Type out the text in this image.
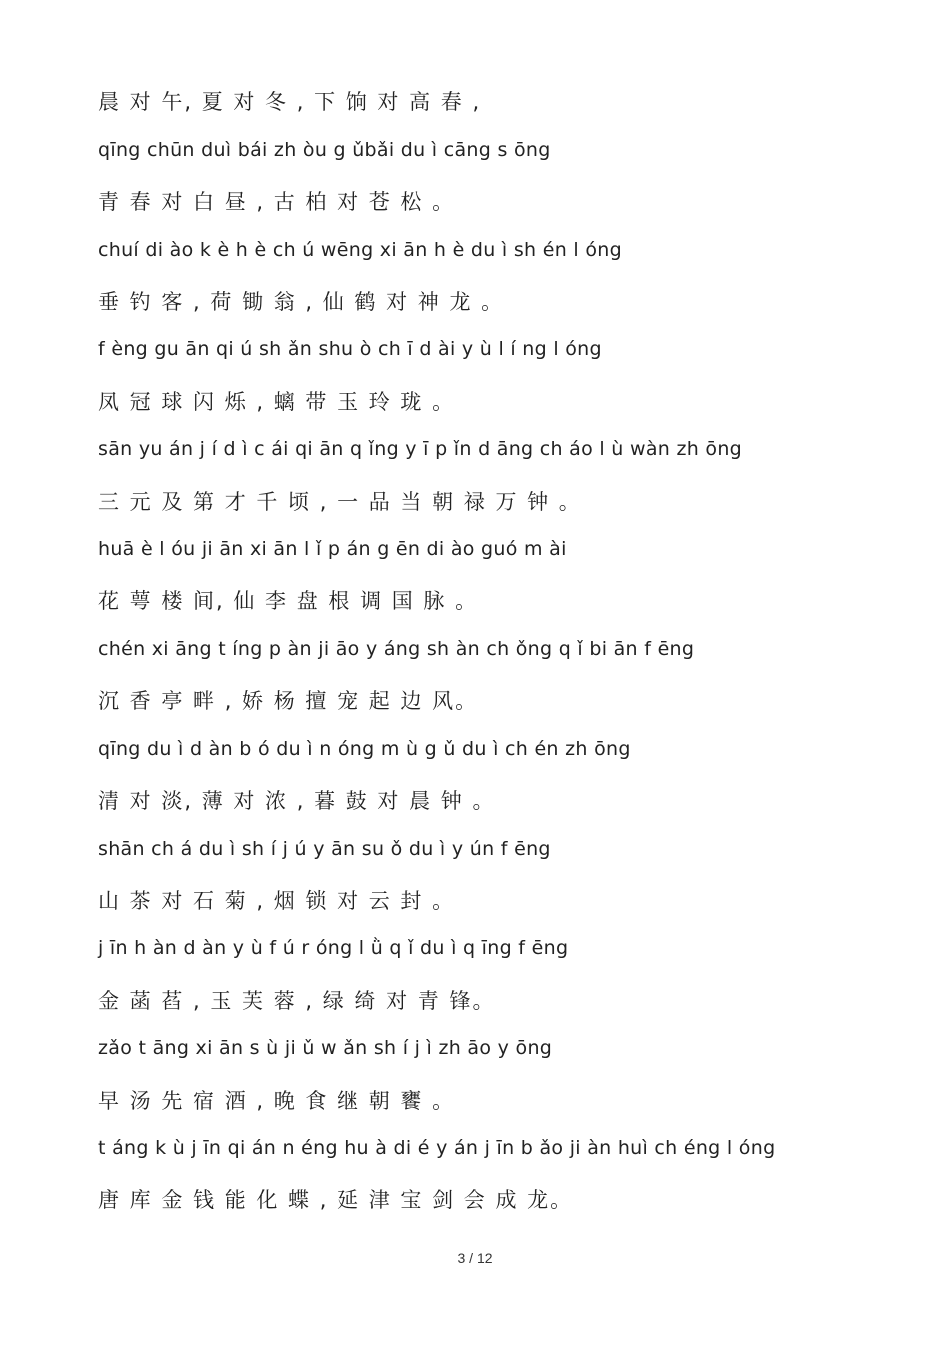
晨 对 午, 夏 对 冬 , 下 饷 对 高 春 ,
qīng chūn duì bái zh òu g ǔbǎi du ì cāng s ōng
青 春 对 白 昼 , 古 柏 对 苍 松 。
chuí di ào k è h è ch ú wēng xi ān h è du ì sh én l óng
垂 钓 客 , 荷 锄 翁 , 仙 鹤 对 神 龙 。
f èng gu ān qi ú sh ǎn shu ò ch ī d ài y ù l í ng l óng
凤 冠 球 闪 烁 , 螭 带 玉 玲 珑 。
sān yu án j í d ì c ái qi ān q ǐng y ī p ǐn d āng ch áo l ù wàn zh ōng
三 元 及 第 才 千 顷 , 一 品 当 朝 禄 万 钟 。
huā è l óu ji ān xi ān l ǐ p án g ēn di ào guó m ài
花 萼 楼 间, 仙 李 盘 根 调 国 脉 。
chén xi āng t íng p àn ji āo y áng sh àn ch ǒng q ǐ bi ān f ēng
沉 香 亭 畔 , 娇 杨 擅 宠 起 边 风。
qīng du ì d àn b ó du ì n óng m ù g ǔ du ì ch én zh ōng
清 对 淡, 薄 对 浓 , 暮 鼓 对 晨 钟 。
shān ch á du ì sh í j ú y ān su ǒ du ì y ún f ēng
山 茶 对 石 菊 , 烟 锁 对 云 封 。
j īn h àn d àn y ù f ú r óng l ǜ q ǐ du ì q īng f ēng
金 菡 萏 , 玉 芙 蓉 , 绿 绮 对 青 锋。
zǎo t āng xi ān s ù ji ǔ w ǎn sh í j ì zh āo y ōng
早 汤 先 宿 酒 , 晚 食 继 朝 饔 。
t áng k ù j īn qi án n éng hu à di é y án j īn b ǎo ji àn huì ch éng l óng
唐 库 金 钱 能 化 蝶 , 延 津 宝 剑 会 成 龙。
3 / 12
